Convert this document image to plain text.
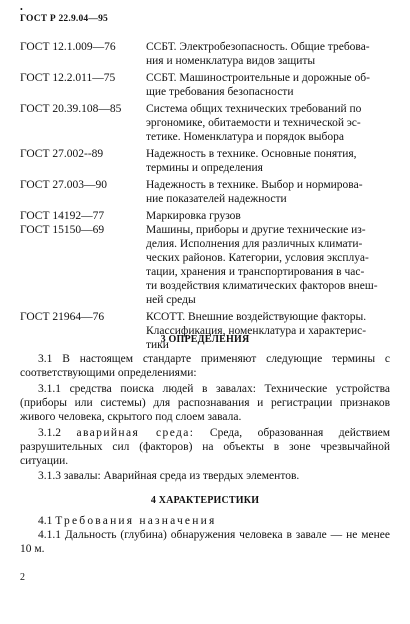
•
ГОСТ Р 22.9.04—95
ГОСТ 12.1.009—76	ССБТ. Электробезопасность. Общие требова-
ния и номенклатура видов защиты
ГОСТ 12.2.011—75	ССБТ. Машиностроительные и дорожные об-
щие требования безопасности
ГОСТ 20.39.108—85	Система общих технических требований по
эргономике, обитаемости и технической эс-
тетике. Номенклатура и порядок выбора
ГОСТ 27.002--89	Надежность в технике. Основные понятия,
термины и определения
ГОСТ 27.003—90	Надежность в технике. Выбор и нормирова-
ние показателей надежности
ГОСТ 14192—77	Маркировка грузов
ГОСТ 15150—69	Машины, приборы и другие технические из-
делия. Исполнения для различных климати-
ческих районов. Категории, условия эксплуа-
тации, хранения и транспортирования в час-
ти воздействия климатических факторов внеш-
ней среды
ГОСТ 21964—76	КСОТТ. Внешние воздействующие факторы.
Классификация, номенклатура и характерис-
тики
3 ОПРЕДЕЛЕНИЯ
3.1 В настоящем стандарте применяют следующие термины с соответствующими определениями:
3.1.1 средства поиска людей в завалах: Технические устройства (приборы или системы) для распознавания и регистрации признаков живого человека, скрытого под слоем завала.
3.1.2 аварийная среда: Среда, образованная действием разрушительных сил (факторов) на объекты в зоне чрезвычайной ситуации.
3.1.3 завалы: Аварийная среда из твердых элементов.
4 ХАРАКТЕРИСТИКИ
4.1 Требования назначения
4.1.1 Дальность (глубина) обнаружения человека в завале — не менее 10 м.
2
